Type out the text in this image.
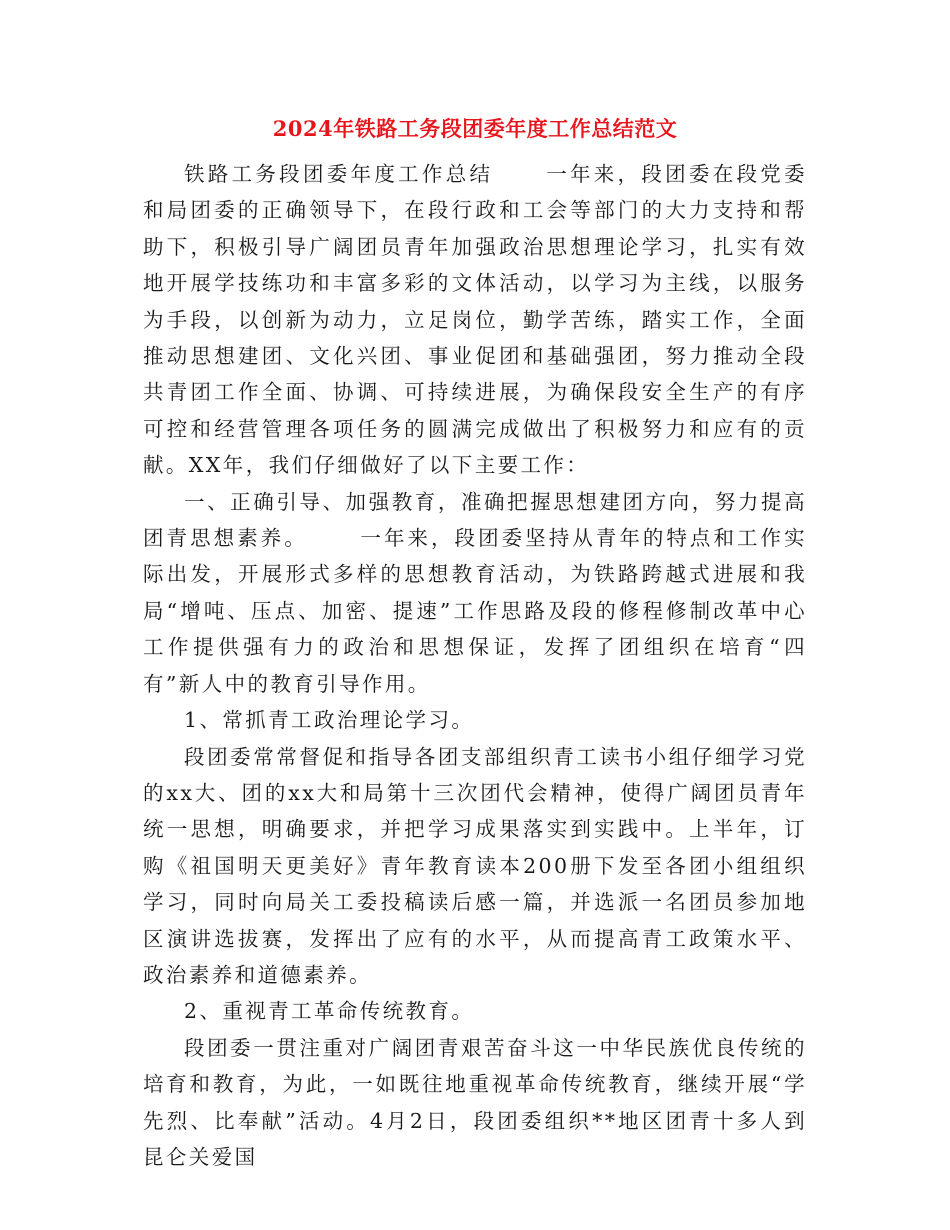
2024年铁路工务段团委年度工作总结范文

铁路工务段团委年度工作总结	一年来，段团委在段党委和局团委的正确领导下，在段行政和工会等部门的大力支持和帮助下，积极引导广阔团员青年加强政治思想理论学习，扎实有效地开展学技练功和丰富多彩的文体活动，以学习为主线，以服务为手段，以创新为动力，立足岗位，勤学苦练，踏实工作，全面推动思想建团、文化兴团、事业促团和基础强团，努力推动全段共青团工作全面、协调、可持续进展，为确保段安全生产的有序可控和经营管理各项任务的圆满完成做出了积极努力和应有的贡献。XX年，我们仔细做好了以下主要工作：

一、正确引导、加强教育，准确把握思想建团方向，努力提高团青思想素养。	一年来，段团委坚持从青年的特点和工作实际出发，开展形式多样的思想教育活动，为铁路跨越式进展和我局“增吨、压点、加密、提速”工作思路及段的修程修制改革中心工作提供强有力的政治和思想保证，发挥了团组织在培育“四有”新人中的教育引导作用。

1、常抓青工政治理论学习。

段团委常常督促和指导各团支部组织青工读书小组仔细学习党的xx大、团的xx大和局第十三次团代会精神，使得广阔团员青年统一思想，明确要求，并把学习成果落实到实践中。上半年，订购《祖国明天更美好》青年教育读本200册下发至各团小组组织学习，同时向局关工委投稿读后感一篇，并选派一名团员参加地区演讲选拔赛，发挥出了应有的水平，从而提高青工政策水平、政治素养和道德素养。

2、重视青工革命传统教育。

段团委一贯注重对广阔团青艰苦奋斗这一中华民族优良传统的培育和教育，为此，一如既往地重视革命传统教育，继续开展“学先烈、比奉献”活动。4月2日，段团委组织**地区团青十多人到昆仑关爱国
